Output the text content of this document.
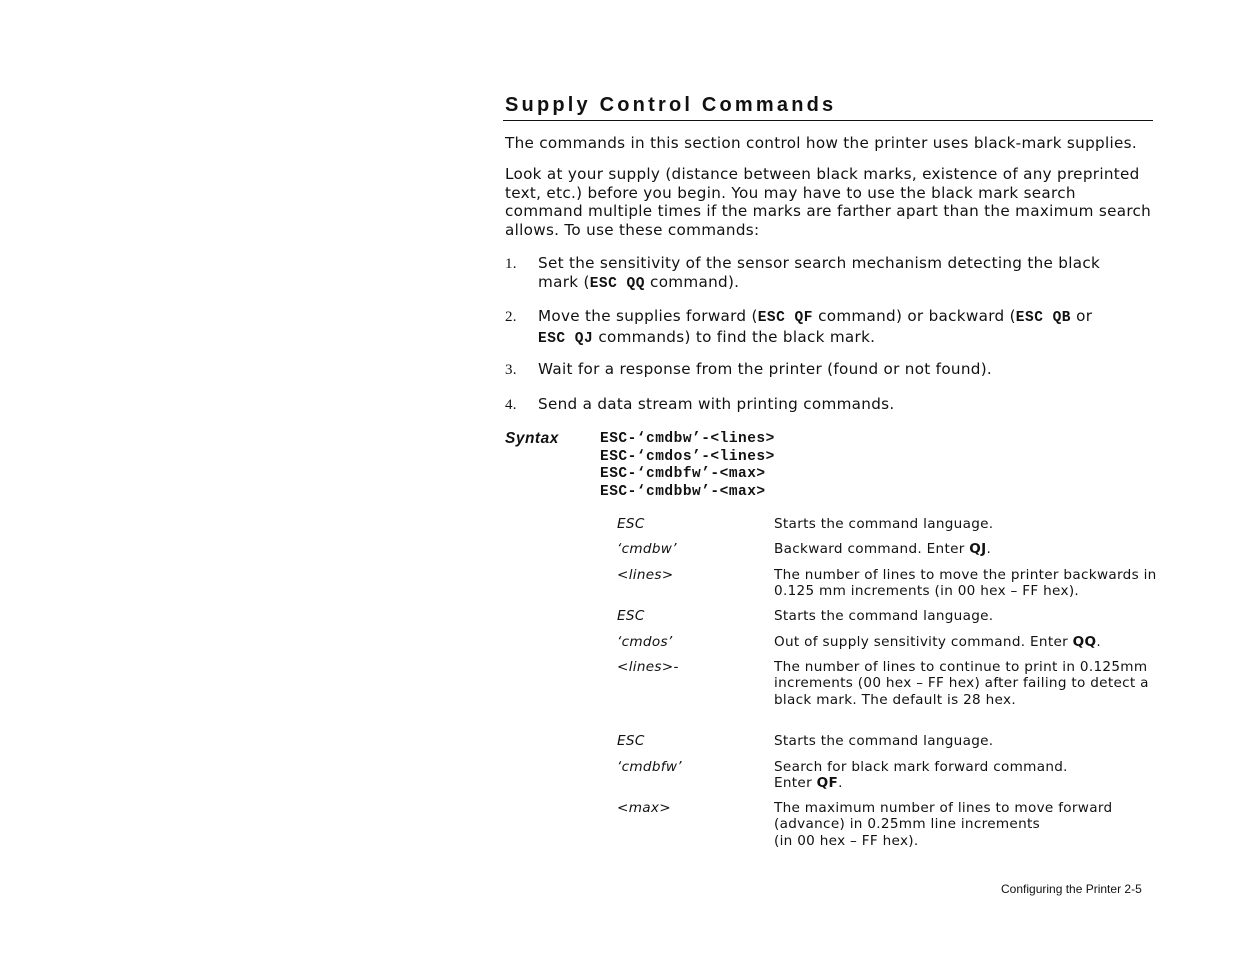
Supply Control Commands
The commands in this section control how the printer uses black-mark supplies.
Look at your supply (distance between black marks, existence of any preprinted text, etc.) before you begin. You may have to use the black mark search command multiple times if the marks are farther apart than the maximum search allows. To use these commands:
1. Set the sensitivity of the sensor search mechanism detecting the black mark (ESC QQ command).
2. Move the supplies forward (ESC QF command) or backward (ESC QB or
ESC QJ commands) to find the black mark.
3. Wait for a response from the printer (found or not found).
4. Send a data stream with printing commands.
Syntax	ESC-‘cmdbw’-<lines>
ESC-‘cmdos’-<lines>
ESC-‘cmdbfw’-<max>
ESC-‘cmdbbw’-<max>
ESC	Starts the command language.
‘cmdbw’	Backward command. Enter QJ.
<lines>	The number of lines to move the printer backwards in 0.125 mm increments (in 00 hex – FF hex).
ESC	Starts the command language.
‘cmdos’	Out of supply sensitivity command. Enter QQ.
<lines>-	The number of lines to continue to print in 0.125mm increments (00 hex – FF hex) after failing to detect a black mark. The default is 28 hex.
ESC	Starts the command language.
‘cmdbfw’	Search for black mark forward command.
Enter QF.
<max>	The maximum number of lines to move forward (advance) in 0.25mm line increments
(in 00 hex – FF hex).
Configuring the Printer 2-5
